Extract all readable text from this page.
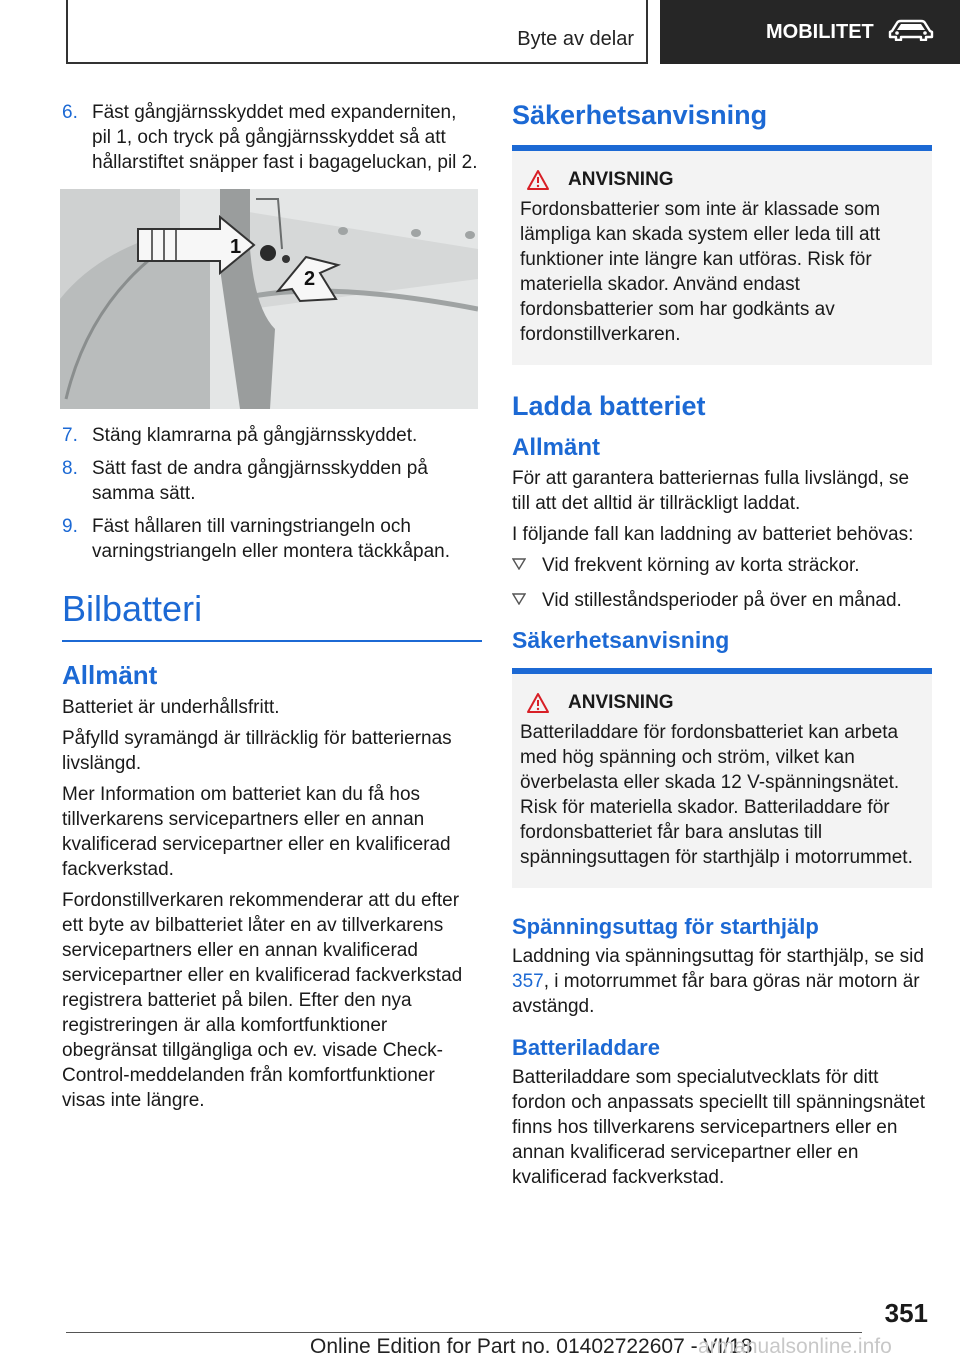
Byte av delar	MOBILITET
6. Fäst gångjärnsskyddet med expanderniten, pil 1, och tryck på gångjärnsskyddet så att hållarstiftet snäpper fast i bagageluckan, pil 2.
1
2
7. Stäng klamrarna på gångjärnsskyddet.
8. Sätt fast de andra gångjärnsskydden på samma sätt.
9. Fäst hållaren till varningstriangeln och varningstriangeln eller montera täckkåpan.
Bilbatteri
Allmänt

Batteriet är underhållsfritt.

Påfylld syramängd är tillräcklig för batteriernas livslängd.

Mer Information om batteriet kan du få hos tillverkarens servicepartners eller en annan kvalificerad servicepartner eller en kvalificerad fackverkstad.

Fordonstillverkaren rekommenderar att du efter ett byte av bilbatteriet låter en av tillverkarens servicepartners eller en annan kvalificerad servicepartner eller en kvalificerad fackverkstad registrera batteriet på bilen. Efter den nya registreringen är alla komfortfunktioner obegränsat tillgängliga och ev. visade Check-Control-meddelanden från komfortfunktioner visas inte längre.

Säkerhetsanvisning
ANVISNING

Fordonsbatterier som inte är klassade som lämpliga kan skada system eller leda till att funktioner inte längre kan utföras. Risk för materiella skador. Använd endast fordonsbatterier som har godkänts av fordonstillverkaren.

Ladda batteriet
Allmänt

För att garantera batteriernas fulla livslängd, se till att det alltid är tillräckligt laddat.

I följande fall kan laddning av batteriet behövas:

Vid frekvent körning av korta sträckor.
Vid stilleståndsperioder på över en månad.
Säkerhetsanvisning
ANVISNING

Batteriladdare för fordonsbatteriet kan arbeta med hög spänning och ström, vilket kan överbelasta eller skada 12 V-spänningsnätet. Risk för materiella skador. Batteriladdare för fordonsbatteriet får bara anslutas till spänningsuttagen för starthjälp i motorrummet.

Spänningsuttag för starthjälp

Laddning via spänningsuttag för starthjälp, se sid 357, i motorrummet får bara göras när motorn är avstängd.

Batteriladdare

Batteriladdare som specialutvecklats för ditt fordon och anpassats speciellt till spänningsnätet finns hos tillverkarens servicepartners eller en annan kvalificerad servicepartner eller en kvalificerad fackverkstad.

351
Online Edition for Part no. 01402722607 - VI/18
armanualsonline.info
